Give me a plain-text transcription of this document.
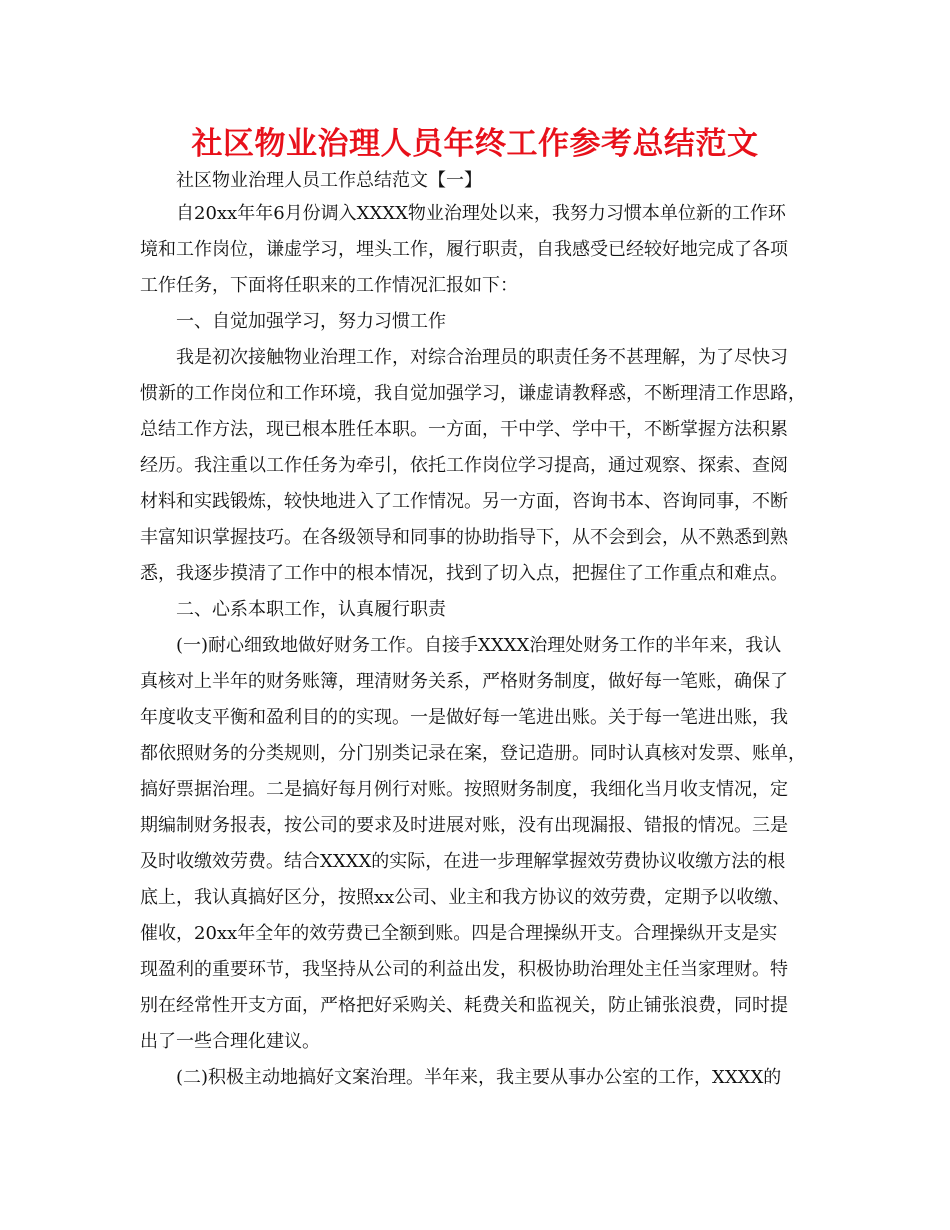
社区物业治理人员年终工作参考总结范文
社区物业治理人员工作总结范文【一】
自20xx年年6月份调入XXXX物业治理处以来，我努力习惯本单位新的工作环
境和工作岗位，谦虚学习，埋头工作，履行职责，自我感受已经较好地完成了各项
工作任务，下面将任职来的工作情况汇报如下：
一、自觉加强学习，努力习惯工作
我是初次接触物业治理工作，对综合治理员的职责任务不甚理解，为了尽快习
惯新的工作岗位和工作环境，我自觉加强学习，谦虚请教释惑，不断理清工作思路，
总结工作方法，现已根本胜任本职。一方面，干中学、学中干，不断掌握方法积累
经历。我注重以工作任务为牵引，依托工作岗位学习提高，通过观察、探索、查阅
材料和实践锻炼，较快地进入了工作情况。另一方面，咨询书本、咨询同事，不断
丰富知识掌握技巧。在各级领导和同事的协助指导下，从不会到会，从不熟悉到熟
悉，我逐步摸清了工作中的根本情况，找到了切入点，把握住了工作重点和难点。
二、心系本职工作，认真履行职责
(一)耐心细致地做好财务工作。自接手XXXX治理处财务工作的半年来，我认
真核对上半年的财务账簿，理清财务关系，严格财务制度，做好每一笔账，确保了
年度收支平衡和盈利目的的实现。一是做好每一笔进出账。关于每一笔进出账，我
都依照财务的分类规则，分门别类记录在案，登记造册。同时认真核对发票、账单，
搞好票据治理。二是搞好每月例行对账。按照财务制度，我细化当月收支情况，定
期编制财务报表，按公司的要求及时进展对账，没有出现漏报、错报的情况。三是
及时收缴效劳费。结合XXXX的实际，在进一步理解掌握效劳费协议收缴方法的根
底上，我认真搞好区分，按照xx公司、业主和我方协议的效劳费，定期予以收缴、
催收，20xx年全年的效劳费已全额到账。四是合理操纵开支。合理操纵开支是实
现盈利的重要环节，我坚持从公司的利益出发，积极协助治理处主任当家理财。特
别在经常性开支方面，严格把好采购关、耗费关和监视关，防止铺张浪费，同时提
出了一些合理化建议。
(二)积极主动地搞好文案治理。半年来，我主要从事办公室的工作，XXXX的
